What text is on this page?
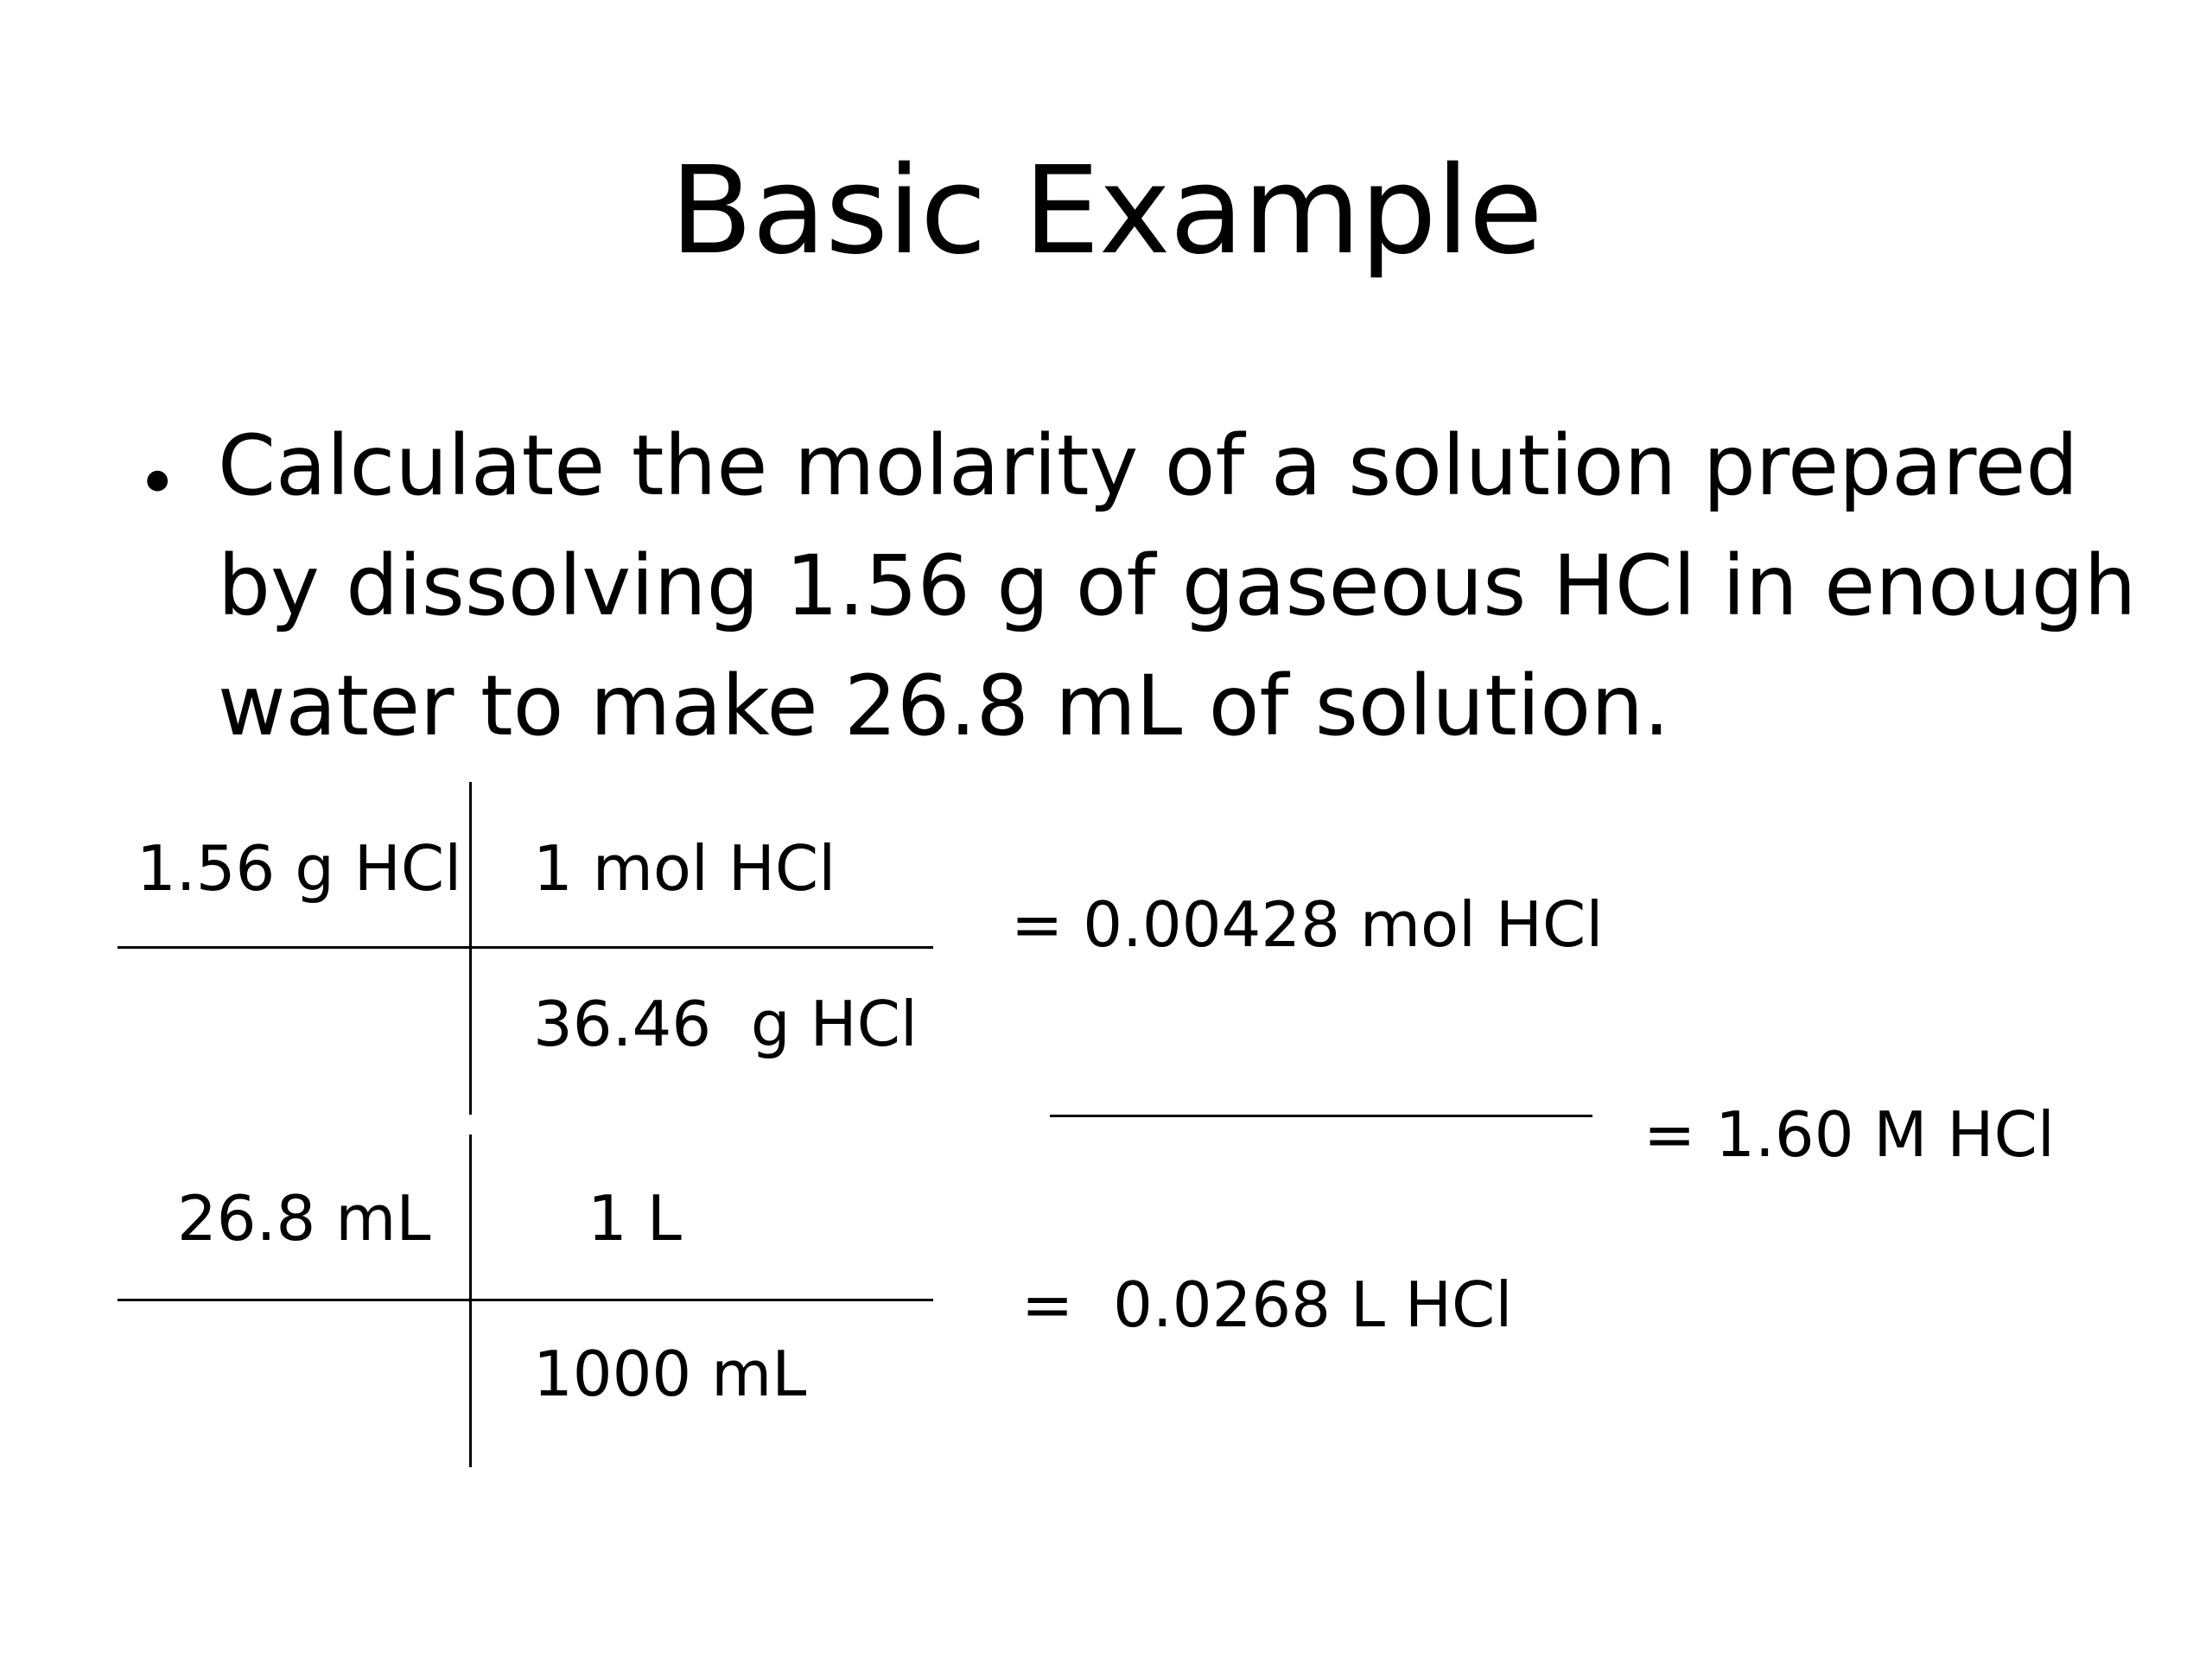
Basic Example
• Calculate the molarity of a solution prepared by dissolving 1.56 g of gaseous HCl in enough water to make 26.8 mL of solution.

1.56 g HCl 1 mol HCl
36.46  g HCl
= 0.00428 mol HCl
26.8 mL	1 L
1000 mL
=  0.0268 L HCl
= 1.60 M HCl
